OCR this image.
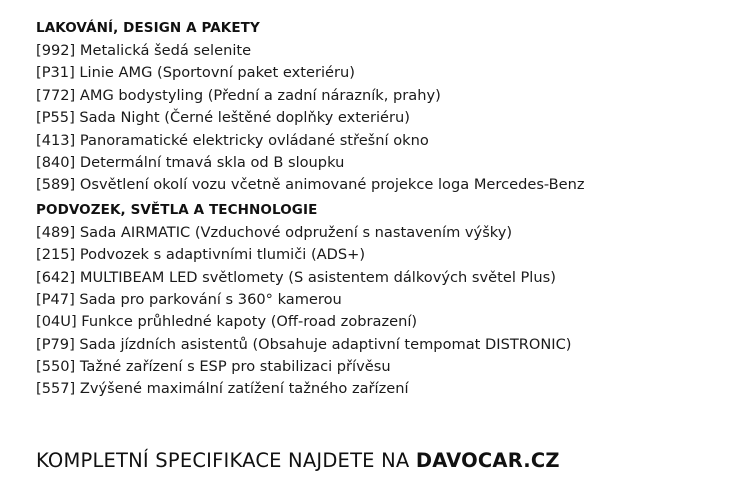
LAKOVÁNÍ, DESIGN A PAKETY
[992] Metalická šedá selenite
[P31] Linie AMG (Sportovní paket exteriéru)
[772] AMG bodystyling (Přední a zadní nárazník, prahy)
[P55] Sada Night (Černé leštěné doplňky exteriéru)
[413] Panoramatické elektricky ovládané střešní okno
[840] Determální tmavá skla od B sloupku
[589] Osvětlení okolí vozu včetně animované projekce loga Mercedes-Benz
PODVOZEK, SVĚTLA A TECHNOLOGIE
[489] Sada AIRMATIC (Vzduchové odpružení s nastavením výšky)
[215] Podvozek s adaptivními tlumiči (ADS+)
[642] MULTIBEAM LED světlomety (S asistentem dálkových světel Plus)
[P47] Sada pro parkování s 360° kamerou
[04U] Funkce průhledné kapoty (Off-road zobrazení)
[P79] Sada jízdních asistentů (Obsahuje adaptivní tempomat DISTRONIC)
[550] Tažné zařízení s ESP pro stabilizaci přívěsu
[557] Zvýšené maximální zatížení tažného zařízení
KOMPLETNÍ SPECIFIKACE NAJDETE NA DAVOCAR.CZ
